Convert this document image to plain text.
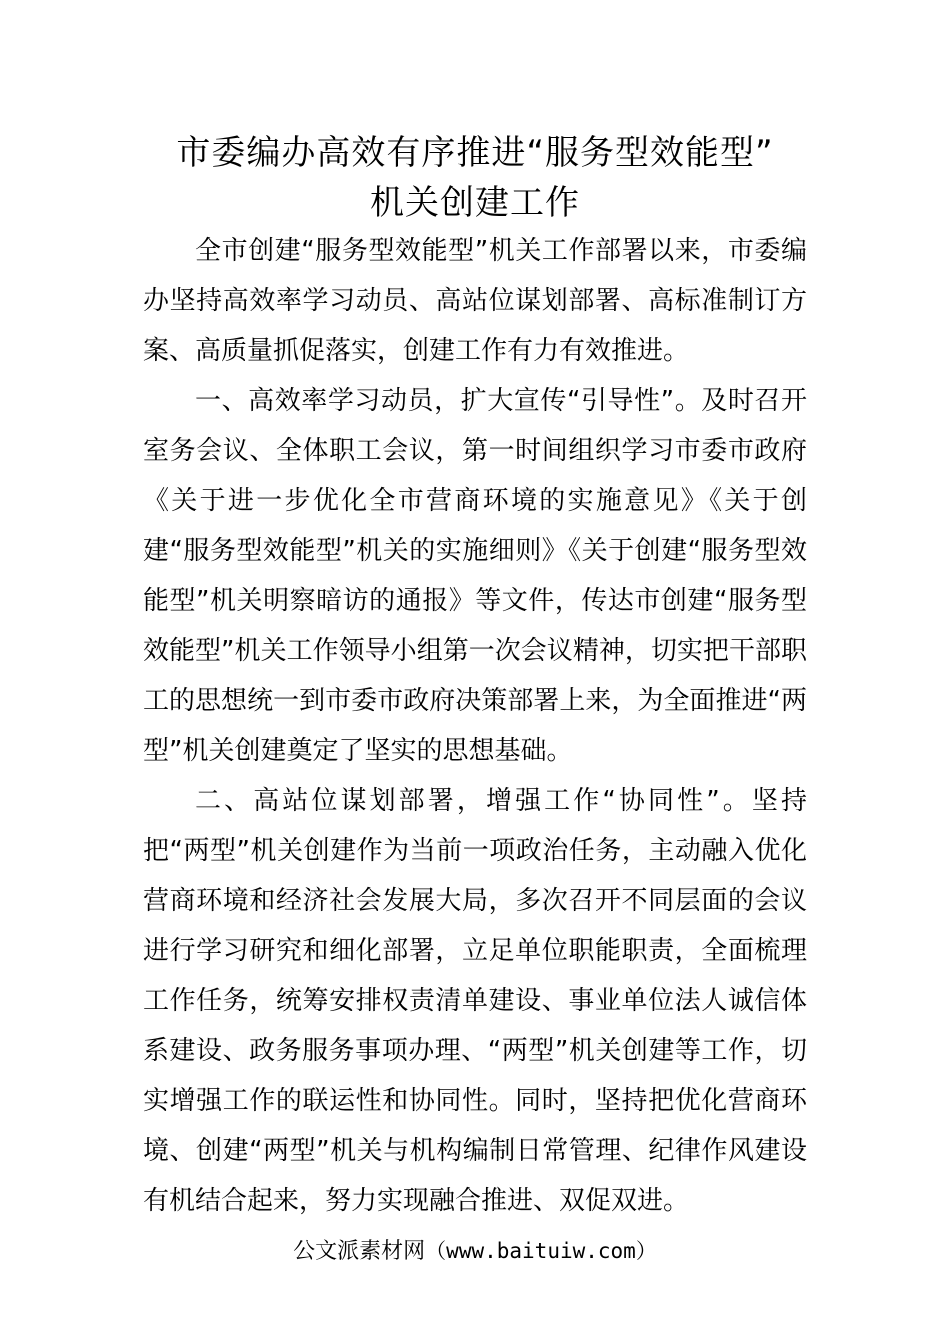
市委编办高效有序推进“服务型效能型”
机关创建工作

全市创建“服务型效能型”机关工作部署以来，市委编办坚持高效率学习动员、高站位谋划部署、高标准制订方案、高质量抓促落实，创建工作有力有效推进。

一、高效率学习动员，扩大宣传“引导性”。及时召开室务会议、全体职工会议，第一时间组织学习市委市政府《关于进一步优化全市营商环境的实施意见》《关于创建“服务型效能型”机关的实施细则》《关于创建“服务型效能型”机关明察暗访的通报》等文件，传达市创建“服务型效能型”机关工作领导小组第一次会议精神，切实把干部职工的思想统一到市委市政府决策部署上来，为全面推进“两型”机关创建奠定了坚实的思想基础。

二、高站位谋划部署，增强工作“协同性”。坚持把“两型”机关创建作为当前一项政治任务，主动融入优化营商环境和经济社会发展大局，多次召开不同层面的会议进行学习研究和细化部署，立足单位职能职责，全面梳理工作任务，统筹安排权责清单建设、事业单位法人诚信体系建设、政务服务事项办理、“两型”机关创建等工作，切实增强工作的联运性和协同性。同时，坚持把优化营商环境、创建“两型”机关与机构编制日常管理、纪律作风建设有机结合起来，努力实现融合推进、双促双进。

公文派素材网（www.baituiw.com）
